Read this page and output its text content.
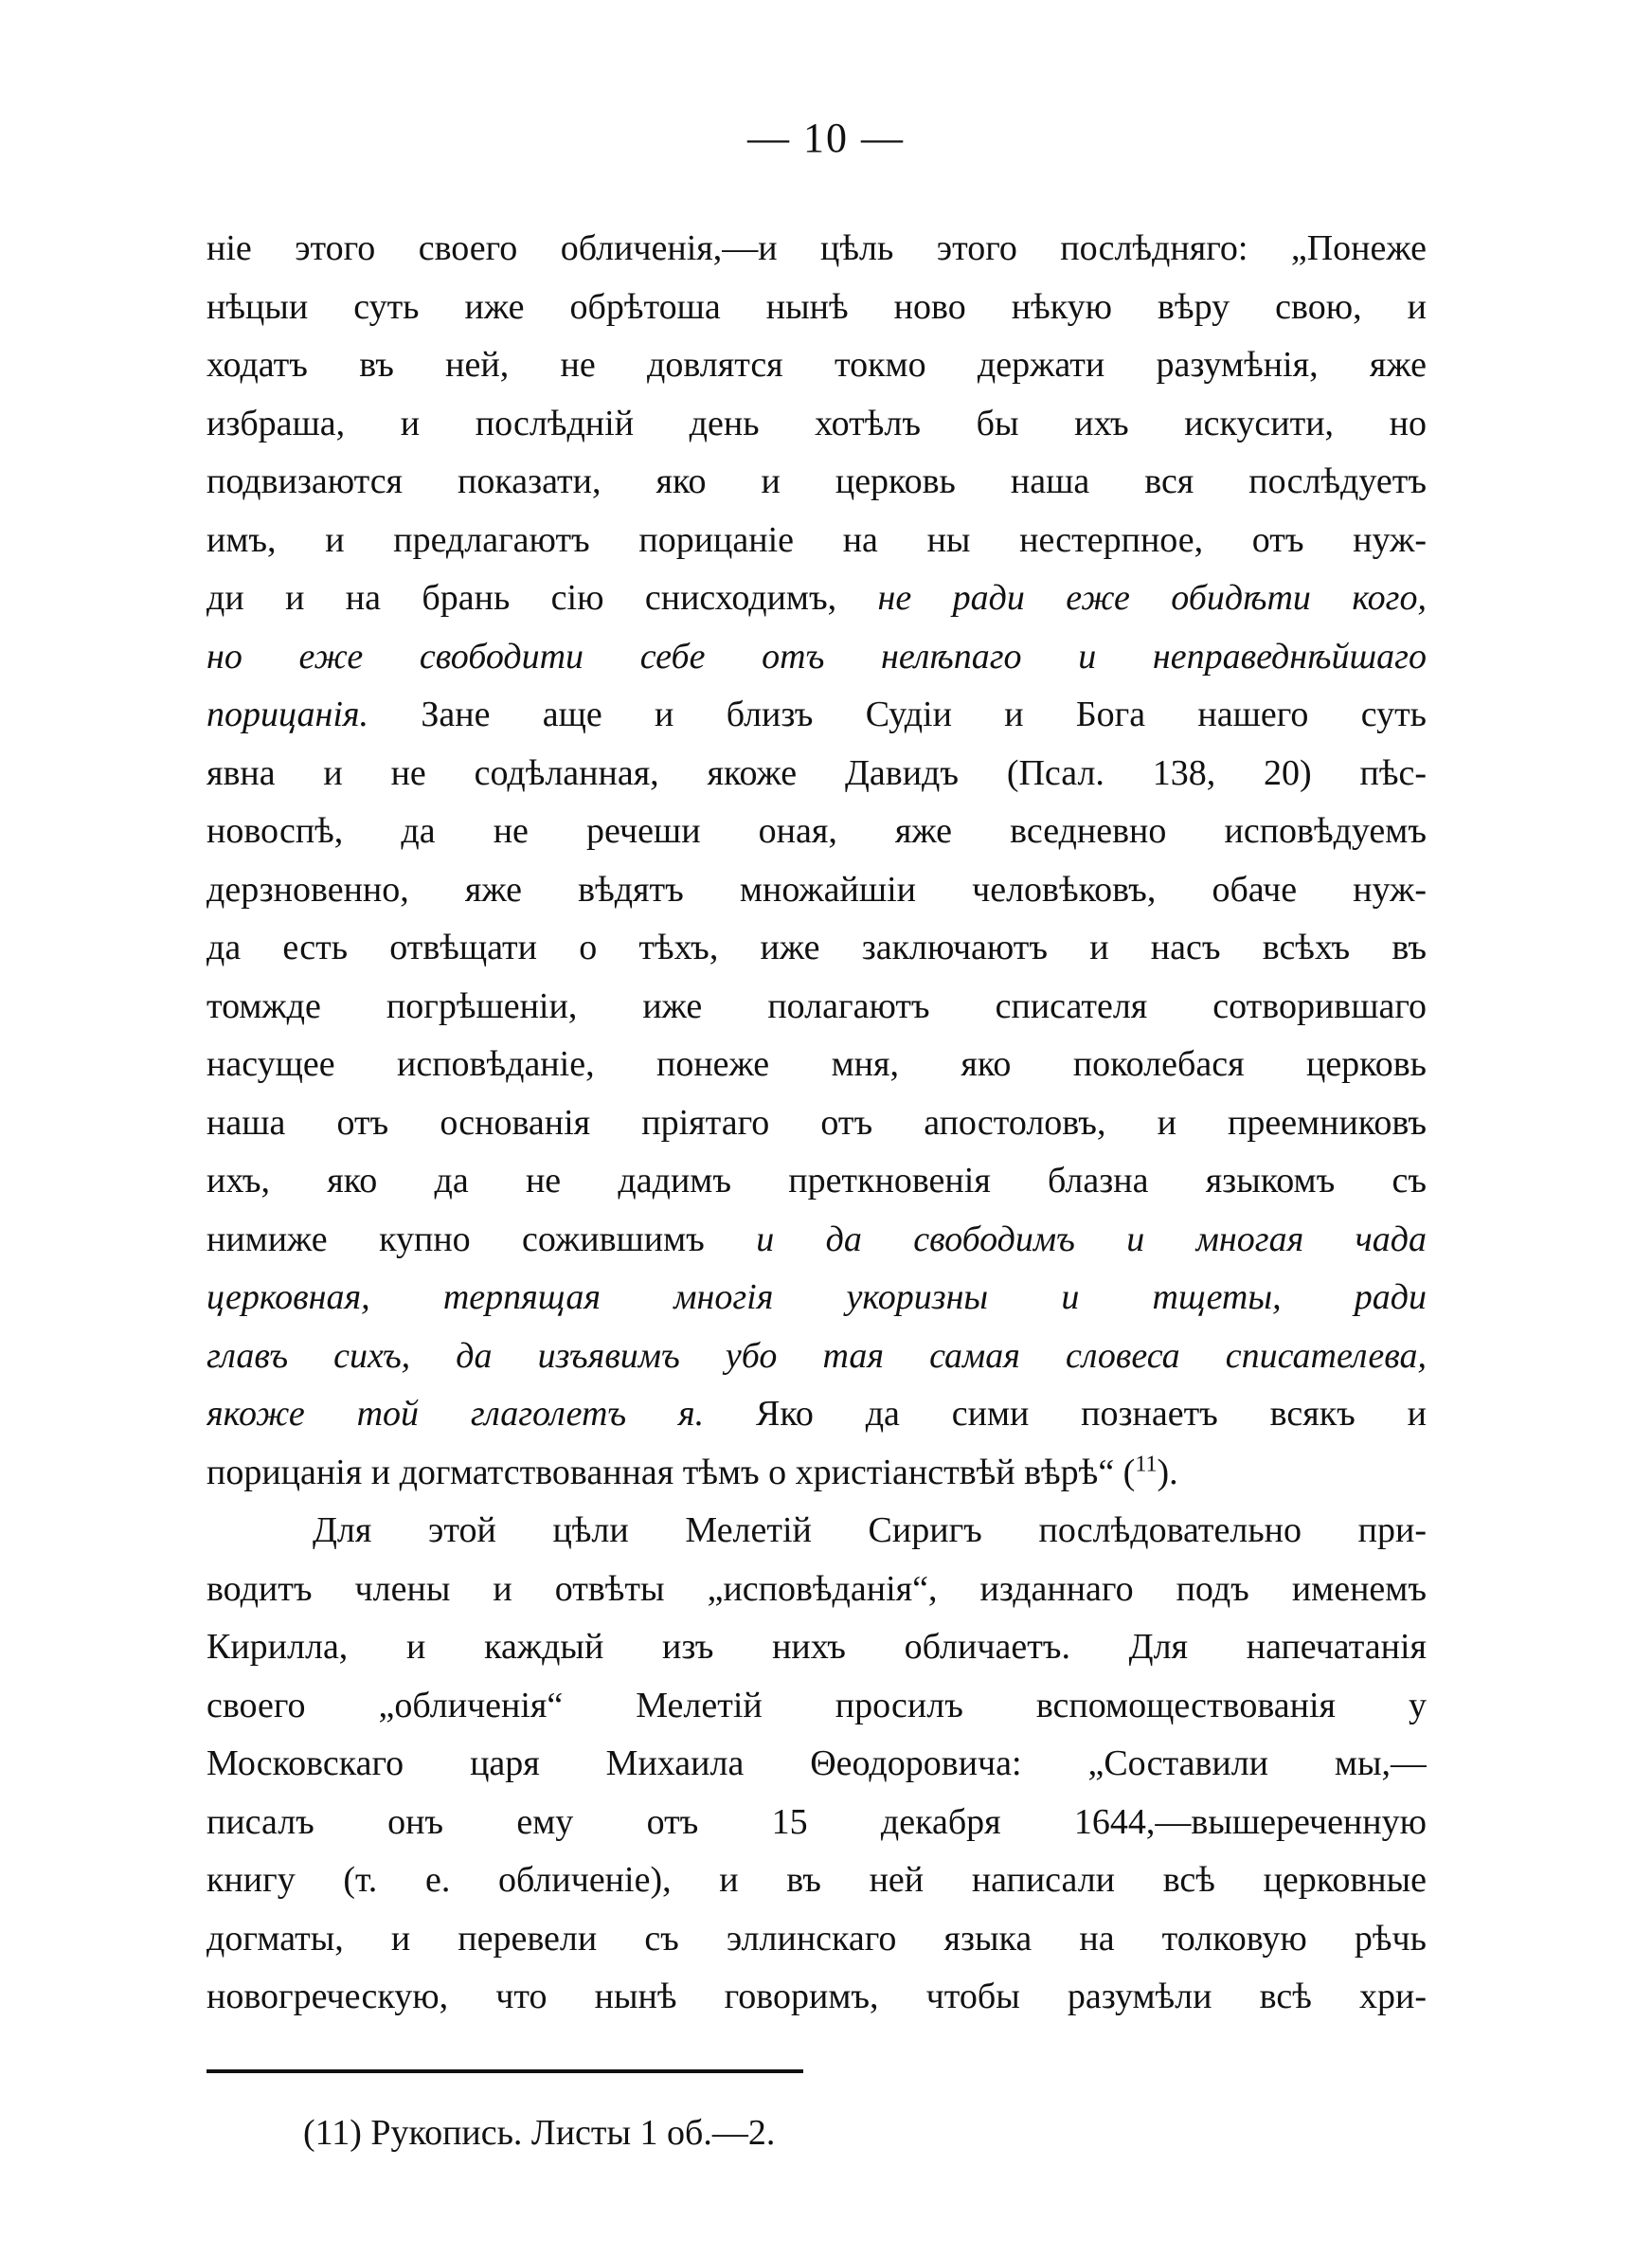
— 10 —
ніе этого своего обличенія,—и цѣль этого послѣдняго: „Понеже
нѣцыи суть иже обрѣтоша нынѣ ново нѣкую вѣру свою, и
ходатъ въ ней, не довлятся токмо держати разумѣнія, яже
избраша, и послѣдній день хотѣлъ бы ихъ искусити, но
подвизаются показати, яко и церковь наша вся послѣдуетъ
имъ, и предлагаютъ порицаніе на ны нестерпное, отъ нуж-
ди и на брань сію снисходимъ, не ради еже обидѣти кого,
но еже свободити себе отъ нелѣпаго и неправеднѣйшаго
порицанія. Зане аще и близъ Судіи и Бога нашего суть
явна и не содѣланная, якоже Давидъ (Псал. 138, 20) пѣс-
новоспѣ, да не речеши оная, яже вседневно исповѣдуемъ
дерзновенно, яже вѣдятъ множайшіи человѣковъ, обаче нуж-
да есть отвѣщати о тѣхъ, иже заключаютъ и насъ всѣхъ въ
томжде погрѣшеніи, иже полагаютъ списателя сотворившаго
насущее исповѣданіе, понеже мня, яко поколебася церковь
наша отъ основанія пріятаго отъ апостоловъ, и преемниковъ
ихъ, яко да не дадимъ преткновенія блазна языкомъ съ
нимиже купно сожившимъ и да свободимъ и многая чада
церковная, терпящая многія укоризны и тщеты, ради
главъ сихъ, да изъявимъ убо тая самая словеса списателева,
якоже той глаголетъ я. Яко да сими познаетъ всякъ и
порицанія и догматствованная тѣмъ о христіанствѣй вѣрѣ“ ($^{11}$).
Для этой цѣли Мелетій Сиригъ послѣдовательно при-
водитъ члены и отвѣты „исповѣданія“, изданнаго подъ именемъ
Кирилла, и каждый изъ нихъ обличаетъ. Для напечатанія
своего „обличенія“ Мелетій просилъ вспомоществованія у
Московскаго царя Михаила Θеодоровича: „Составили мы,—
писалъ онъ ему отъ 15 декабря 1644,—вышереченную
книгу (т. е. обличеніе), и въ ней написали всѣ церковные
догматы, и перевели съ эллинскаго языка на толковую рѣчь
новогреческую, что нынѣ говоримъ, чтобы разумѣли всѣ хри-
(11) Рукопись. Листы 1 об.—2.
